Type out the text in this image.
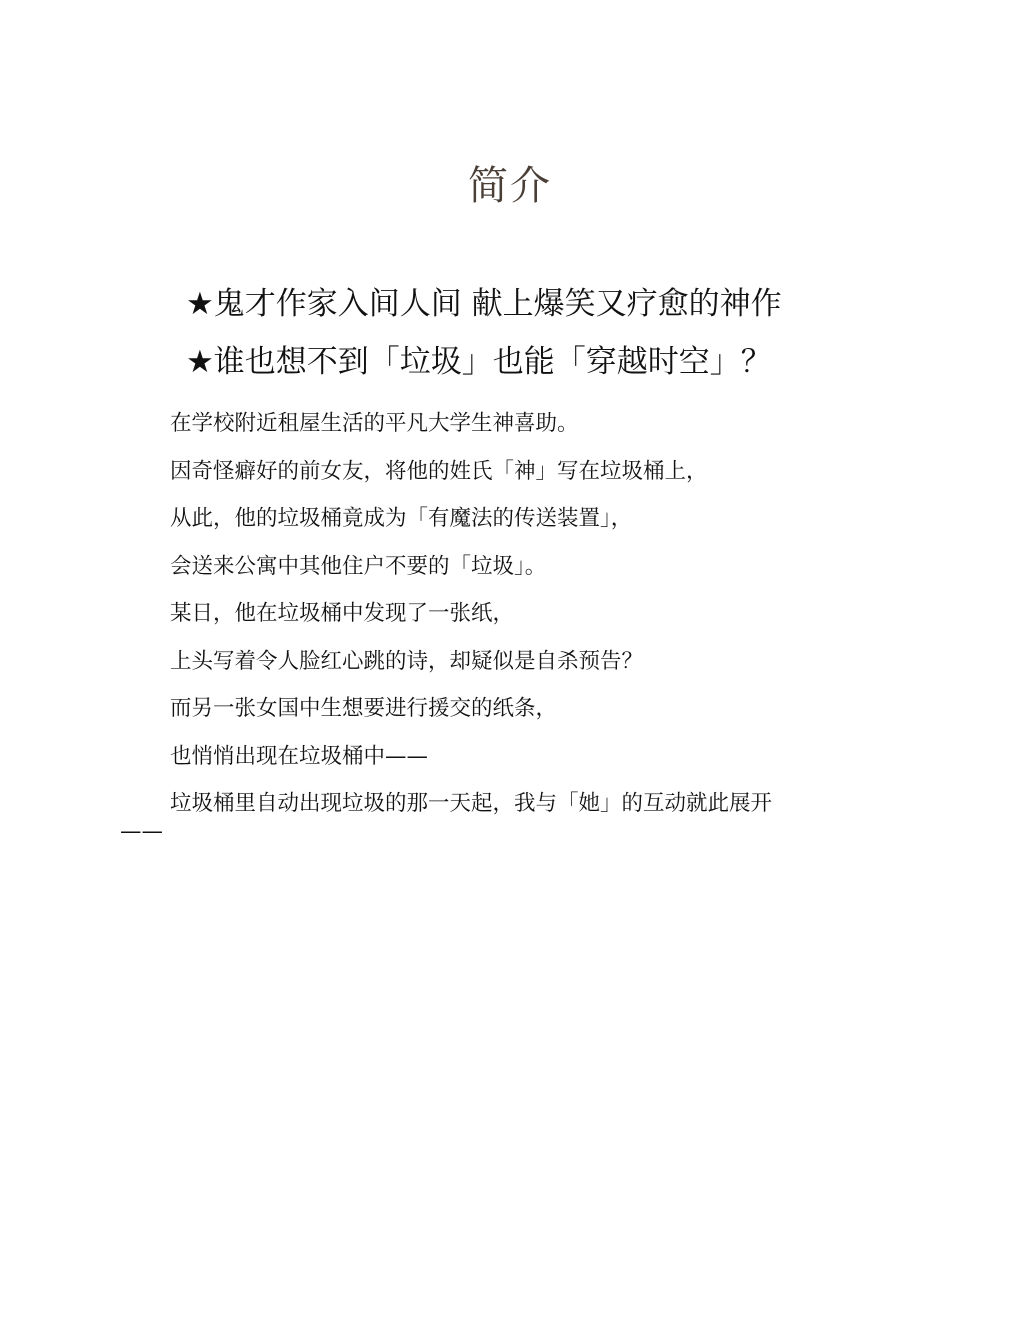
简介
★鬼才作家入间人间 献上爆笑又疗愈的神作
★谁也想不到「垃圾」也能「穿越时空」？

在学校附近租屋生活的平凡大学生神喜助。

因奇怪癖好的前女友，将他的姓氏「神」写在垃圾桶上，

从此，他的垃圾桶竟成为「有魔法的传送装置」，

会送来公寓中其他住户不要的「垃圾」。

某日，他在垃圾桶中发现了一张纸，

上头写着令人脸红心跳的诗，却疑似是自杀预告？

而另一张女国中生想要进行援交的纸条，

也悄悄出现在垃圾桶中——

垃圾桶里自动出现垃圾的那一天起，我与「她」的互动就此展开

——
